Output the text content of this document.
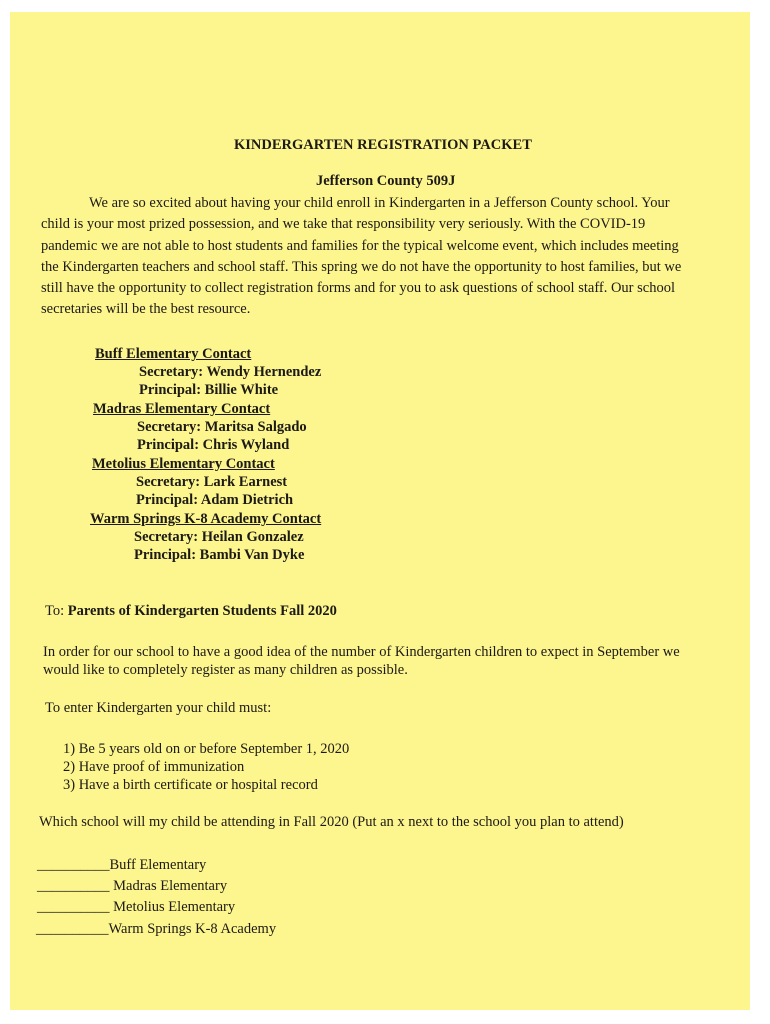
KINDERGARTEN REGISTRATION PACKET
Jefferson County 509J
We are so excited about having your child enroll in Kindergarten in a Jefferson County school. Your
child is your most prized possession, and we take that responsibility very seriously. With the COVID-19
pandemic we are not able to host students and families for the typical welcome event, which includes meeting
the Kindergarten teachers and school staff. This spring we do not have the opportunity to host families, but we
still have the opportunity to collect registration forms and for you to ask questions of school staff. Our school
secretaries will be the best resource.
Buff Elementary Contact
Secretary: Wendy Hernendez
Principal: Billie White
Madras Elementary Contact
Secretary: Maritsa Salgado
Principal: Chris Wyland
Metolius Elementary Contact
Secretary: Lark Earnest
Principal: Adam Dietrich
Warm Springs K-8 Academy Contact
Secretary: Heilan Gonzalez
Principal: Bambi Van Dyke
To: Parents of Kindergarten Students Fall 2020
In order for our school to have a good idea of the number of Kindergarten children to expect in September we
would like to completely register as many children as possible.
To enter Kindergarten your child must:
1) Be 5 years old on or before September 1, 2020
2) Have proof of immunization
3) Have a birth certificate or hospital record
Which school will my child be attending in Fall 2020 (Put an x next to the school you plan to attend)
__________Buff Elementary
__________ Madras Elementary
__________ Metolius Elementary
__________Warm Springs K-8 Academy
